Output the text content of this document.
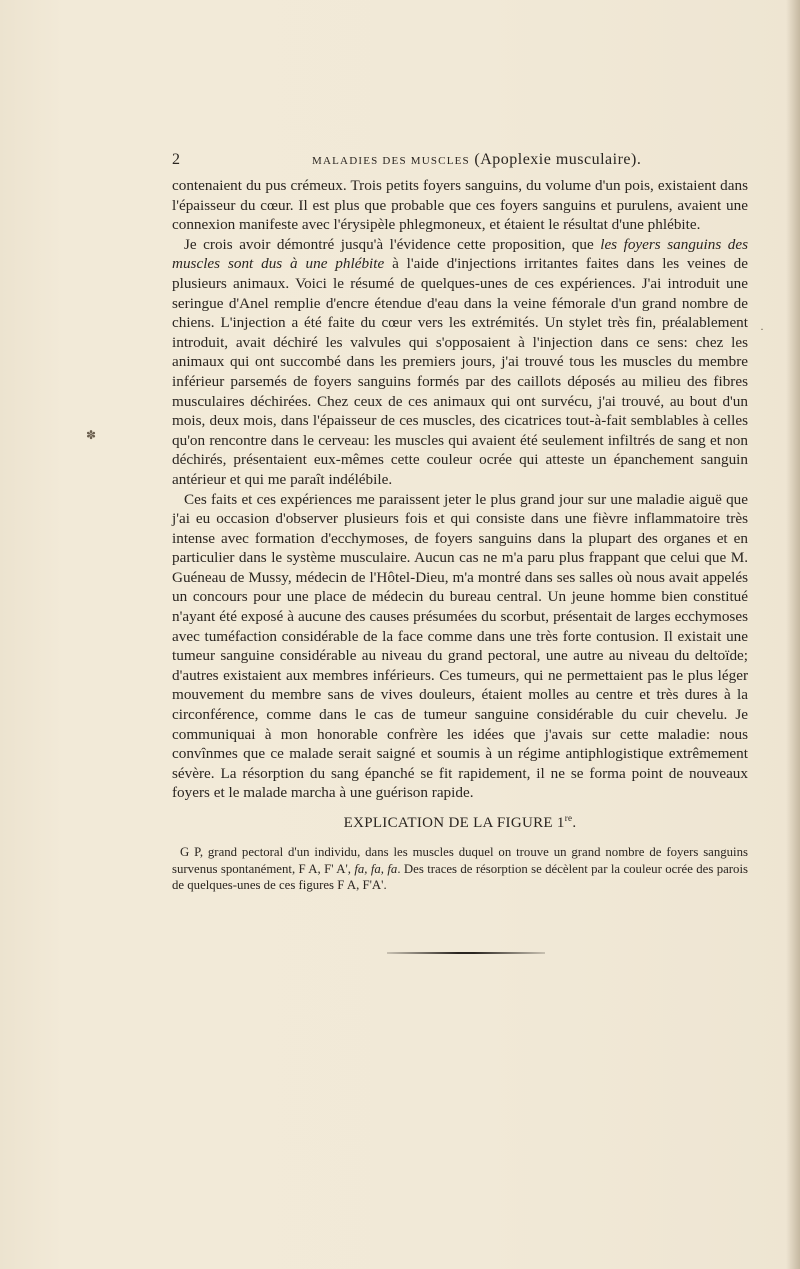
2	MALADIES DES MUSCLES (Apoplexie musculaire).

contenaient du pus crémeux. Trois petits foyers sanguins, du volume d'un pois, existaient dans l'épaisseur du cœur. Il est plus que probable que ces foyers sanguins et purulens, avaient une connexion manifeste avec l'érysipèle phlegmoneux, et étaient le résultat d'une phlébite.

Je crois avoir démontré jusqu'à l'évidence cette proposition, que les foyers sanguins des muscles sont dus à une phlébite à l'aide d'injections irritantes faites dans les veines de plusieurs animaux. Voici le résumé de quelques-unes de ces expériences. J'ai introduit une seringue d'Anel remplie d'encre étendue d'eau dans la veine fémorale d'un grand nombre de chiens. L'injection a été faite du cœur vers les extrémités. Un stylet très fin, préalablement introduit, avait déchiré les valvules qui s'opposaient à l'injection dans ce sens: chez les animaux qui ont succombé dans les premiers jours, j'ai trouvé tous les muscles du membre inférieur parsemés de foyers sanguins formés par des caillots déposés au milieu des fibres musculaires déchirées. Chez ceux de ces animaux qui ont survécu, j'ai trouvé, au bout d'un mois, deux mois, dans l'épaisseur de ces muscles, des cicatrices tout-à-fait semblables à celles qu'on rencontre dans le cerveau: les muscles qui avaient été seulement infiltrés de sang et non déchirés, présentaient eux-mêmes cette couleur ocrée qui atteste un épanchement sanguin antérieur et qui me paraît indélébile.

Ces faits et ces expériences me paraissent jeter le plus grand jour sur une maladie aiguë que j'ai eu occasion d'observer plusieurs fois et qui consiste dans une fièvre inflammatoire très intense avec formation d'ecchymoses, de foyers sanguins dans la plupart des organes et en particulier dans le système musculaire. Aucun cas ne m'a paru plus frappant que celui que M. Guéneau de Mussy, médecin de l'Hôtel-Dieu, m'a montré dans ses salles où nous avait appelés un concours pour une place de médecin du bureau central. Un jeune homme bien constitué n'ayant été exposé à aucune des causes présumées du scorbut, présentait de larges ecchymoses avec tuméfaction considérable de la face comme dans une très forte contusion. Il existait une tumeur sanguine considérable au niveau du grand pectoral, une autre au niveau du deltoïde; d'autres existaient aux membres inférieurs. Ces tumeurs, qui ne permettaient pas le plus léger mouvement du membre sans de vives douleurs, étaient molles au centre et très dures à la circonférence, comme dans le cas de tumeur sanguine considérable du cuir chevelu. Je communiquai à mon honorable confrère les idées que j'avais sur cette maladie: nous convînmes que ce malade serait saigné et soumis à un régime antiphlogistique extrêmement sévère. La résorption du sang épanché se fit rapidement, il ne se forma point de nouveaux foyers et le malade marcha à une guérison rapide.

EXPLICATION DE LA FIGURE 1re.
G P, grand pectoral d'un individu, dans les muscles duquel on trouve un grand nombre de foyers sanguins survenus spontanément, F A, F' A', fa, fa, fa. Des traces de résorption se décèlent par la couleur ocrée des parois de quelques-unes de ces figures F A, F'A'.
✽
·
